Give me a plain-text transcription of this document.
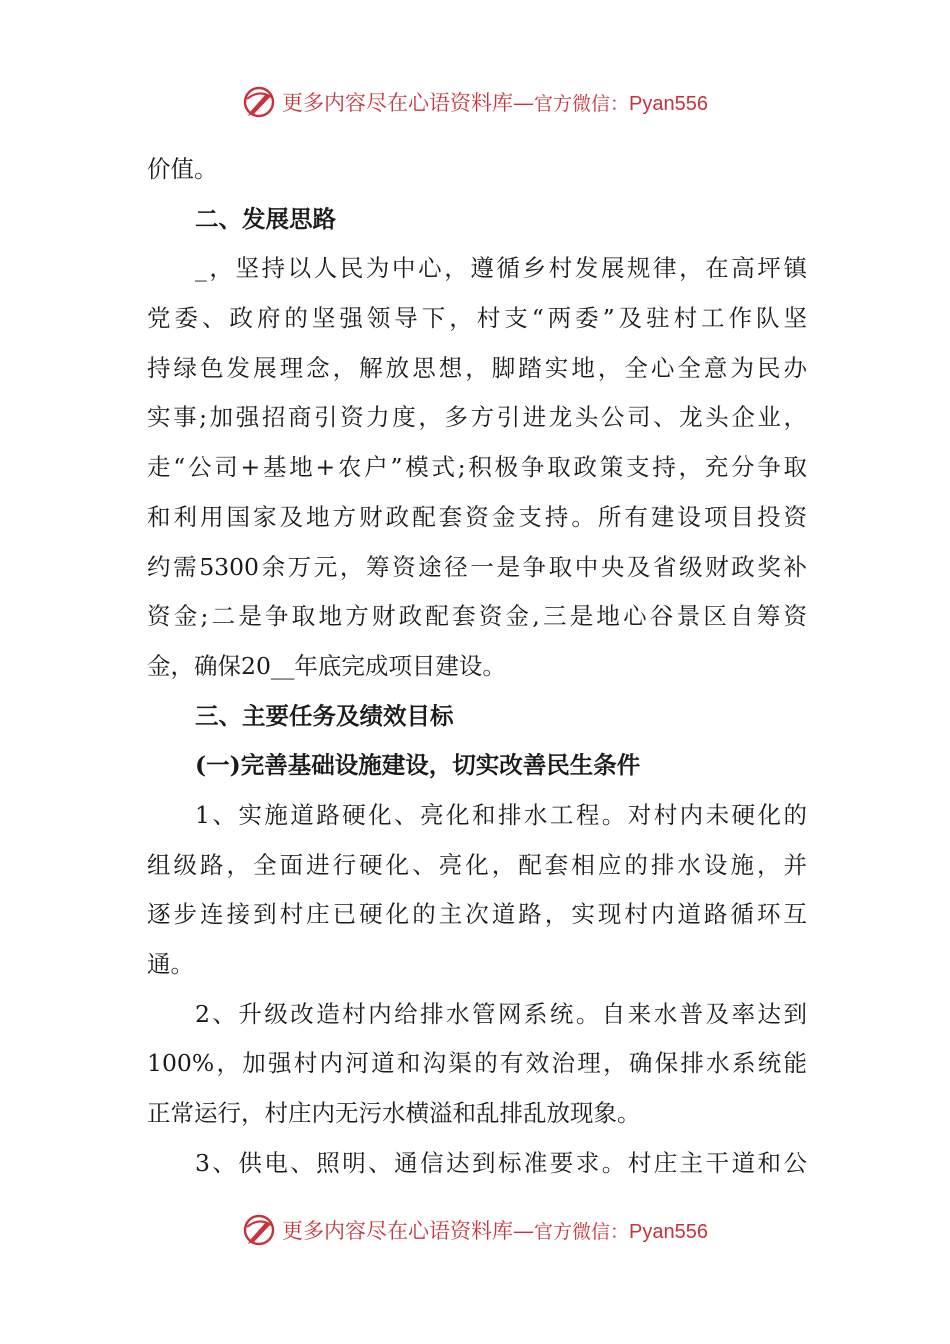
更多内容尽在心语资料库—官方微信：Pyan556
价值。
二、发展思路
_，坚持以人民为中心，遵循乡村发展规律，在高坪镇
党委、政府的坚强领导下，村支“两委”及驻村工作队坚
持绿色发展理念，解放思想，脚踏实地，全心全意为民办
实事;加强招商引资力度，多方引进龙头公司、龙头企业，
走“公司+基地+农户”模式;积极争取政策支持，充分争取
和利用国家及地方财政配套资金支持。所有建设项目投资
约需5300余万元，筹资途径一是争取中央及省级财政奖补
资金;二是争取地方财政配套资金,三是地心谷景区自筹资
金，确保20__年底完成项目建设。
三、主要任务及绩效目标
(一)完善基础设施建设，切实改善民生条件
1、实施道路硬化、亮化和排水工程。对村内未硬化的
组级路，全面进行硬化、亮化，配套相应的排水设施，并
逐步连接到村庄已硬化的主次道路，实现村内道路循环互
通。
2、升级改造村内给排水管网系统。自来水普及率达到
100%，加强村内河道和沟渠的有效治理，确保排水系统能
正常运行，村庄内无污水横溢和乱排乱放现象。
3、供电、照明、通信达到标准要求。村庄主干道和公
更多内容尽在心语资料库—官方微信：Pyan556
